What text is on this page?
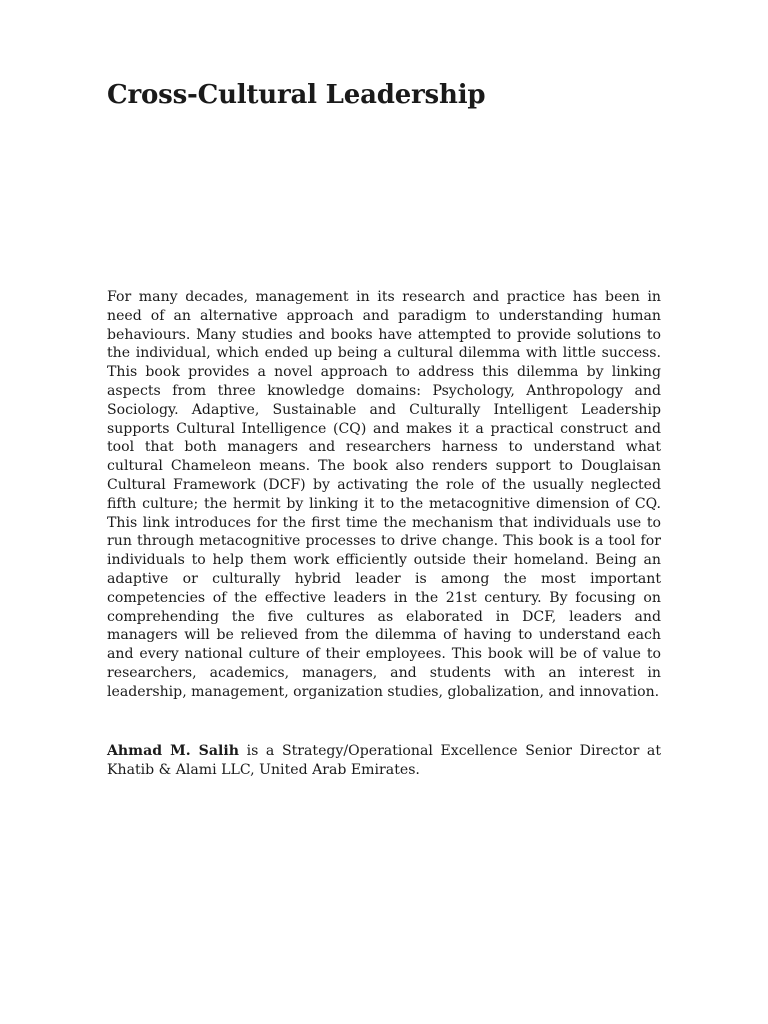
Cross-Cultural Leadership

For many decades, management in its research and practice has been in need of an alternative approach and paradigm to understanding human behaviours. Many studies and books have attempted to provide solutions to the individual, which ended up being a cultural dilemma with little success. This book provides a novel approach to address this dilemma by linking aspects from three knowledge domains: Psychology, Anthropology and Sociology. Adaptive, Sustainable and Culturally Intelligent Leadership supports Cultural Intelligence (CQ) and makes it a practical construct and tool that both managers and researchers harness to understand what cultural Chameleon means. The book also renders support to Douglaisan Cultural Framework (DCF) by activating the role of the usually neglected fifth culture; the hermit by linking it to the metacognitive dimension of CQ. This link introduces for the first time the mechanism that individuals use to run through metacognitive processes to drive change. This book is a tool for individuals to help them work efficiently outside their homeland. Being an adaptive or culturally hybrid leader is among the most important competencies of the effective leaders in the 21st century. By focusing on comprehending the five cultures as elaborated in DCF, leaders and managers will be relieved from the dilemma of having to understand each and every national culture of their employees. This book will be of value to researchers, academics, managers, and students with an interest in leadership, management, organization studies, globalization, and innovation.

Ahmad M. Salih is a Strategy/Operational Excellence Senior Director at Khatib & Alami LLC, United Arab Emirates.
